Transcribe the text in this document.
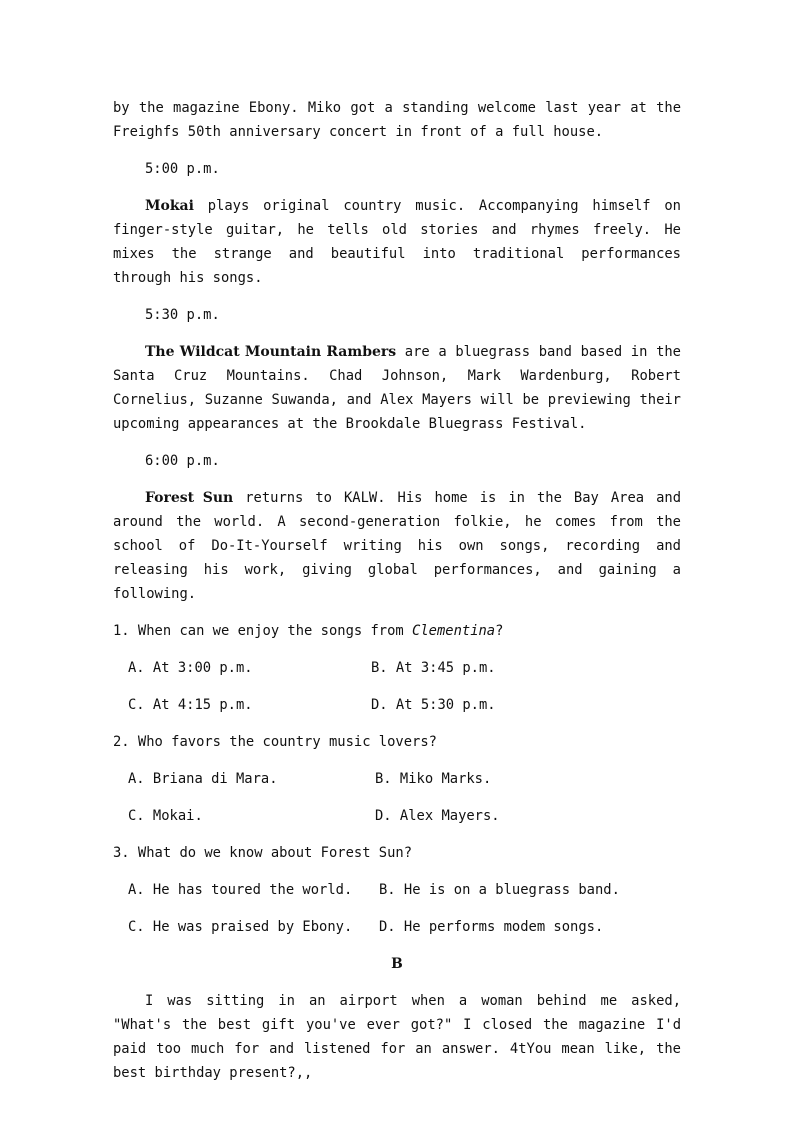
by the magazine Ebony. Miko got a standing welcome last year at the Freighfs 50th anniversary concert in front of a full house.

5:00 p.m.

Mokai plays original country music. Accompanying himself on finger-style guitar, he tells old stories and rhymes freely. He mixes the strange and beautiful into traditional performances through his songs.

5:30 p.m.

The Wildcat Mountain Rambers are a bluegrass band based in the Santa Cruz Mountains. Chad Johnson, Mark Wardenburg, Robert Cornelius, Suzanne Suwanda, and Alex Mayers will be previewing their upcoming appearances at the Brookdale Bluegrass Festival.

6:00 p.m.

Forest Sun returns to KALW. His home is in the Bay Area and around the world. A second-generation folkie, he comes from the school of Do-It-Yourself writing his own songs, recording and releasing his work, giving global performances, and gaining a following.

1. When can we enjoy the songs from Clementina?

A. At 3:00 p.m.	B. At 3:45 p.m.
C. At 4:15 p.m.	D. At 5:30 p.m.

2. Who favors the country music lovers?

A. Briana di Mara.	B. Miko Marks.
C. Mokai.	D. Alex Mayers.

3. What do we know about Forest Sun?

A. He has toured the world.	B. He is on a bluegrass band.
C. He was praised by Ebony.	D. He performs modem songs.

B

I was sitting in an airport when a woman behind me asked, "What's the best gift you've ever got?" I closed the magazine I'd paid too much for and listened for an answer. 4tYou mean like, the best birthday present?,,
